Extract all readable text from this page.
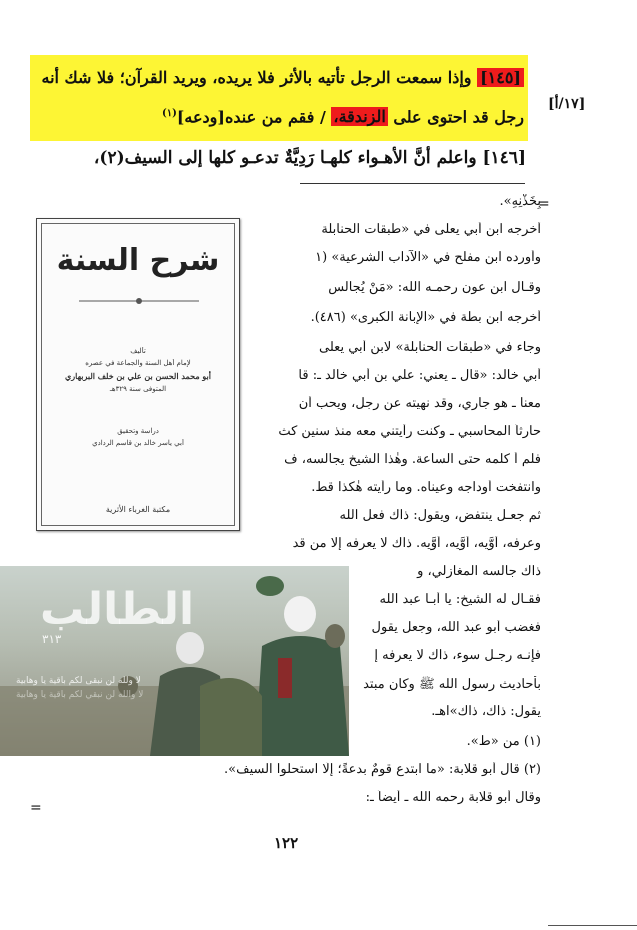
[١٤٥] وإذا سمعت الرجل تأتيه بالأثر فلا يريده، ويريد القرآن؛ فلا شك أنه رجل قد احتوى على الزندقة، / فقم من عنده[ودعه]$^{(١)}$

[١٧/أ]

[١٤٦] واعلم أنَّ الأهـواء كلهـا رَدِيَّةٌ تدعـو كلها إلى السيف(٢)،

=

بِخَذْنِهِ».

أخرجه ابن أبي يعلى في «طبقات الحنابلة

وأورده ابن مفلح في «الآداب الشرعية» (١

وقـال ابن عون رحمـه الله: «مَنْ يُجالس

أخرجه ابن بطة في «الإبانة الكبرى» (٤٨٦).

وجاء في «طبقات الحنابلة» لابن أبي يعلى

أبي خالد: «قال ـ يعني: علي بن أبي خالد ـ: قا

معنا ـ هو جاري، وقد نهيته عن رجل، ويحب أن

حارثاً المحاسبي ـ وكنت رأيتني معه منذ سنين كث

فلم أ كلمه حتى الساعة. وهٰذا الشيخ يجالسه، ف

وانتفخت أوداجه وعيناه. وما رأيته هٰكذا قط.

ثم جعـل ينتفض، ويقول: ذاك فعل الله

وعرفه، أوَّيه، أوَّيه، أوَّيه. ذاك لا يعرفه إلا من قد

ذاك جالسه المغازلي، و

فقـال له الشيخ: يا أبـا عبد الله

فغضب أبو عبد الله، وجعل يقول

فإنـه رجـل سوء، ذاك لا يعرفه إ

بأحاديث رسول الله ﷺ وكان مبتد

يقول: ذاك، ذاك»اهـ.

(١) من «ط».

(٢) قال أبو قلابة: «ما ابتدع قومٌ بدعةً؛ إلَّا استحلوا السيف».

وقال أبو قلابة رحمه الله ـ أيضاً ـ:

=
شرح السنة
تأليف
لإمام أهل السنة والجماعة في عصره
أبو محمد الحسن بن علي بن خلف البربهاري
المتوفى سنة ٣٢٩هـ
دراسة وتحقيق
أبي ياسر خالد بن قاسم الردادي
مكتبة الغرباء الأثرية
الطالب
٣١٣
لا ولله لن نبقى لكم باقية يا وهابية
لا والله لن نبقي لكم باقية يا وهابية
١٢٢
